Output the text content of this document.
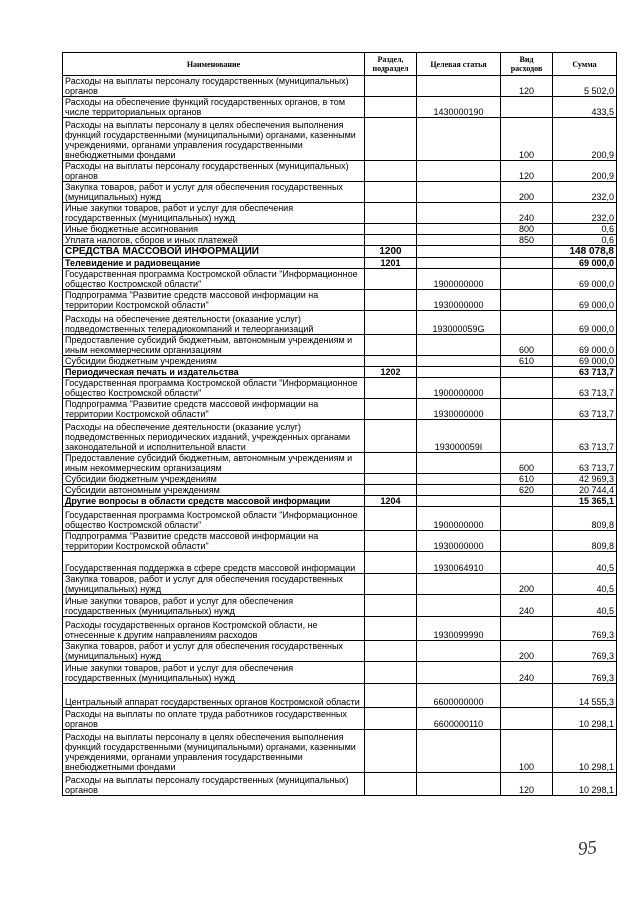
Наименование	Раздел, подраздел	Целевая статья	Вид расходов	Сумма
Расходы на выплаты персоналу государственных (муниципальных) органов			120	5 502,0
Расходы на обеспечение функций государственных органов, в том числе территориальных органов		1430000190		433,5
Расходы на выплаты персоналу в целях обеспечения выполнения функций государственными (муниципальными) органами, казенными учреждениями, органами управления государственными внебюджетными фондами			100	200,9
Расходы на выплаты персоналу государственных (муниципальных) органов			120	200,9
Закупка товаров, работ и услуг для обеспечения государственных (муниципальных) нужд			200	232,0
Иные закупки товаров, работ и услуг для обеспечения государственных (муниципальных) нужд			240	232,0
Иные бюджетные ассигнования			800	0,6
Уплата налогов, сборов и иных платежей			850	0,6
СРЕДСТВА МАССОВОЙ ИНФОРМАЦИИ	1200			148 078,8
Телевидение и радиовещание	1201			69 000,0
Государственная программа Костромской области "Информационное общество Костромской области"		1900000000		69 000,0
Подпрограмма "Развитие средств массовой информации на территории Костромской области"		1930000000		69 000,0
Расходы на обеспечение деятельности (оказание услуг) подведомственных телерадиокомпаний и телеорганизаций		193000059G		69 000,0
Предоставление субсидий бюджетным, автономным учреждениям и иным некоммерческим организациям			600	69 000,0
Субсидии бюджетным учреждениям			610	69 000,0
Периодическая печать и издательства	1202			63 713,7
Государственная программа Костромской области "Информационное общество Костромской области"		1900000000		63 713,7
Подпрограмма "Развитие средств массовой информации на территории Костромской области"		1930000000		63 713,7
Расходы на обеспечение деятельности (оказание услуг) подведомственных периодических изданий, учрежденных органами законодательной и исполнительной власти		193000059I		63 713,7
Предоставление субсидий бюджетным, автономным учреждениям и иным некоммерческим организациям			600	63 713,7
Субсидии бюджетным учреждениям			610	42 969,3
Субсидии автономным учреждениям			620	20 744,4
Другие вопросы в области средств массовой информации	1204			15 365,1
Государственная программа Костромской области "Информационное общество Костромской области"		1900000000		809,8
Подпрограмма "Развитие средств массовой информации на территории Костромской области"		1930000000		809,8
Государственная поддержка в сфере средств массовой информации		1930064910		40,5
Закупка товаров, работ и услуг для обеспечения государственных (муниципальных) нужд			200	40,5
Иные закупки товаров, работ и услуг для обеспечения государственных (муниципальных) нужд			240	40,5
Расходы государственных органов Костромской области, не отнесенные к другим направлениям расходов		1930099990		769,3
Закупка товаров, работ и услуг для обеспечения государственных (муниципальных) нужд			200	769,3
Иные закупки товаров, работ и услуг для обеспечения государственных (муниципальных) нужд			240	769,3
Центральный аппарат государственных органов Костромской области		6600000000		14 555,3
Расходы на выплаты по оплате труда работников государственных органов		6600000110		10 298,1
Расходы на выплаты персоналу в целях обеспечения выполнения функций государственными (муниципальными) органами, казенными учреждениями, органами управления государственными внебюджетными фондами			100	10 298,1
Расходы на выплаты персоналу государственных (муниципальных) органов			120	10 298,1
95
